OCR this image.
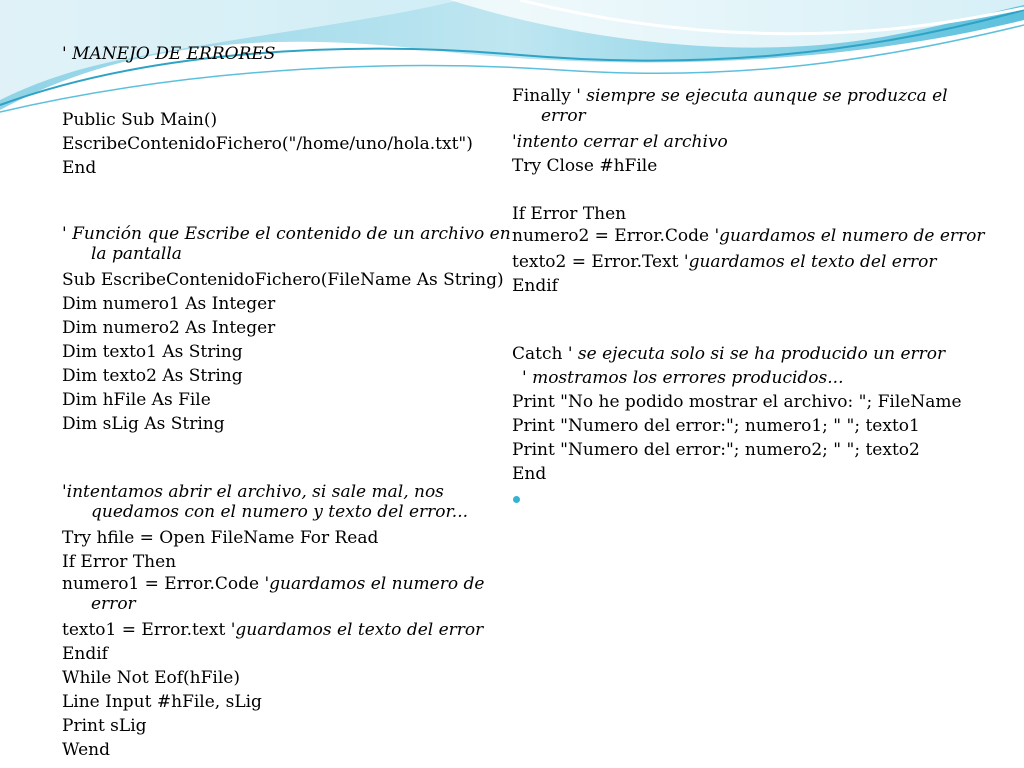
' MANEJO DE ERRORES
Public Sub Main()
EscribeContenidoFichero("/home/uno/hola.txt")
End
' Función que Escribe el contenido de un archivo en la pantalla
Sub EscribeContenidoFichero(FileName As String)
Dim numero1 As Integer
Dim numero2 As Integer
Dim texto1 As String
Dim texto2 As String
Dim hFile As File
Dim sLig As String
'intentamos abrir el archivo, si sale mal, nos quedamos con el numero y texto del error...
Try hfile = Open FileName For Read
If Error Then
numero1 = Error.Code 'guardamos el numero de error
texto1 = Error.text 'guardamos el texto del error
Endif
While Not Eof(hFile)
Line Input #hFile, sLig
Print sLig
Wend
Finally ' siempre se ejecuta aunque se produzca el error
'intento cerrar el archivo
Try Close #hFile
If Error Then
numero2 = Error.Code 'guardamos el numero de error
texto2 = Error.Text 'guardamos el texto del error
Endif
Catch ' se ejecuta solo si se ha producido un error
' mostramos los errores producidos...
Print "No he podido mostrar el archivo: "; FileName
Print "Numero del error:"; numero1; " "; texto1
Print "Numero del error:"; numero2; " "; texto2
End
